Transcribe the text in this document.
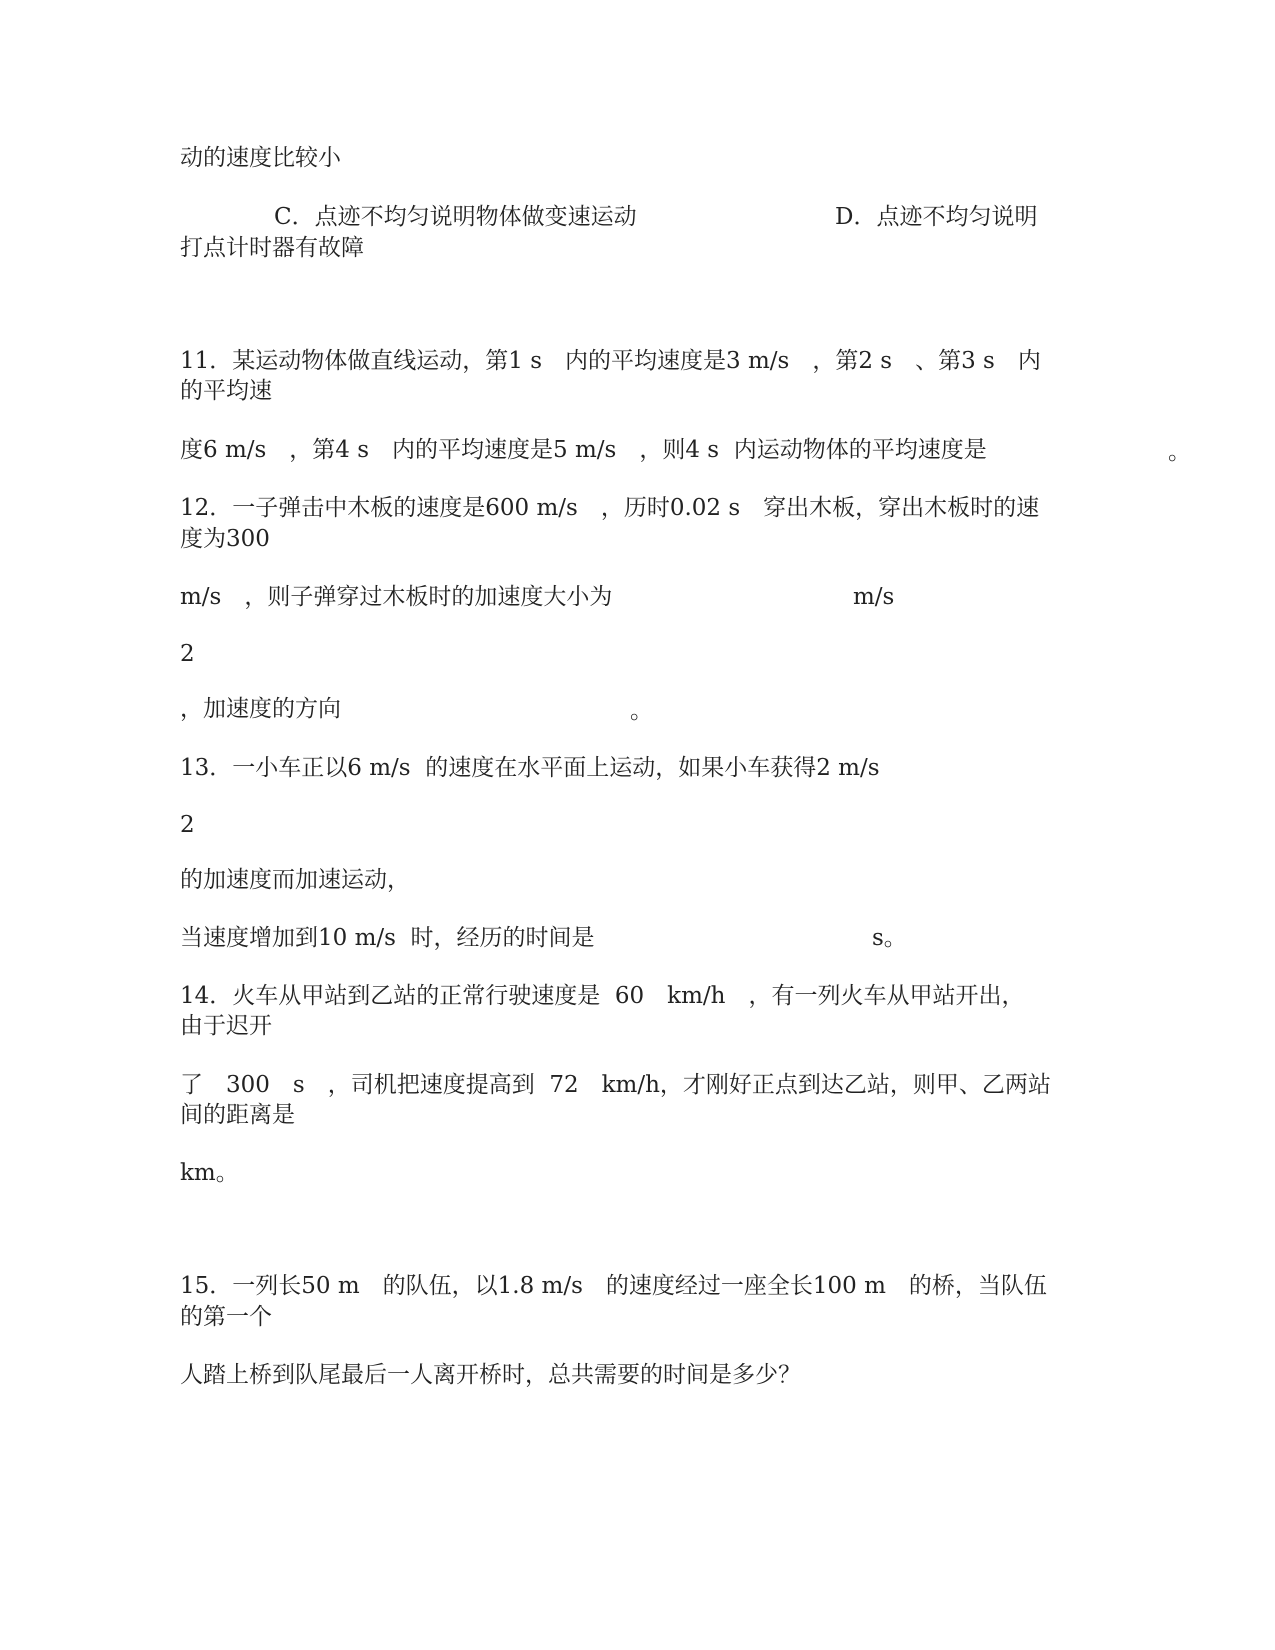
动的速度比较小
C．点迹不均匀说明物体做变速运动	D．点迹不均匀说明
打点计时器有故障
11．某运动物体做直线运动，第1 s　内的平均速度是3 m/s　，第2 s　、第3 s　内
的平均速
度6 m/s　，第4 s　内的平均速度是5 m/s　，则4 s  内运动物体的平均速度是	。
12．一子弹击中木板的速度是600 m/s　，历时0.02 s　穿出木板，穿出木板时的速
度为300
m/s　，则子弹穿过木板时的加速度大小为	m/s
2
，加速度的方向	。
13．一小车正以6 m/s  的速度在水平面上运动，如果小车获得2 m/s
2
的加速度而加速运动，
当速度增加到10 m/s  时，经历的时间是	s。
14．火车从甲站到乙站的正常行驶速度是  60　km/h　，有一列火车从甲站开出，
由于迟开
了　300　s　，司机把速度提高到  72　km/h，才刚好正点到达乙站，则甲、乙两站
间的距离是
km。
15．一列长50 m　的队伍，以1.8 m/s　的速度经过一座全长100 m　的桥，当队伍
的第一个
人踏上桥到队尾最后一人离开桥时，总共需要的时间是多少？
